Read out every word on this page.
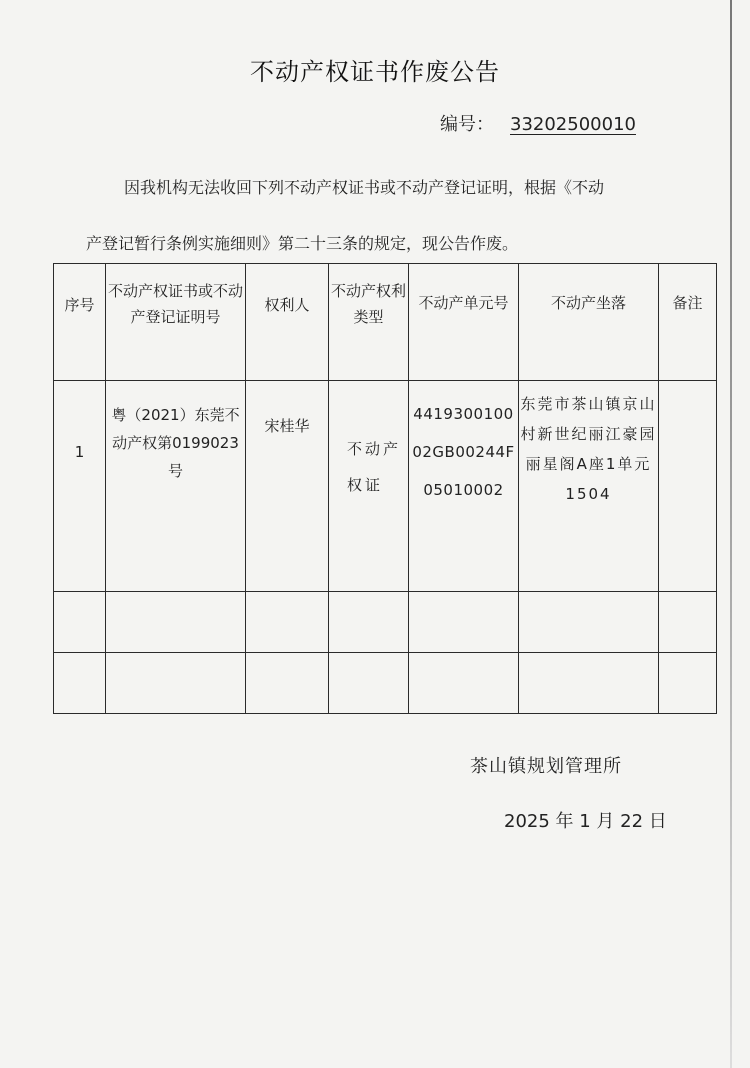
不动产权证书作废公告
编号： 33202500010
因我机构无法收回下列不动产权证书或不动产登记证明，根据《不动
产登记暂行条例实施细则》第二十三条的规定，现公告作废。
序号	不动产权证书或不动产登记证明号	权利人	不动产权利类型	不动产单元号	不动产坐落	备注
1	粤（2021）东莞不动产权第0199023号	宋桂华	不动产权证	441930010002GB00244F05010002	东莞市茶山镇京山村新世纪丽江豪园丽星阁A座1单元1504	

茶山镇规划管理所
2025 年 1 月 22 日
